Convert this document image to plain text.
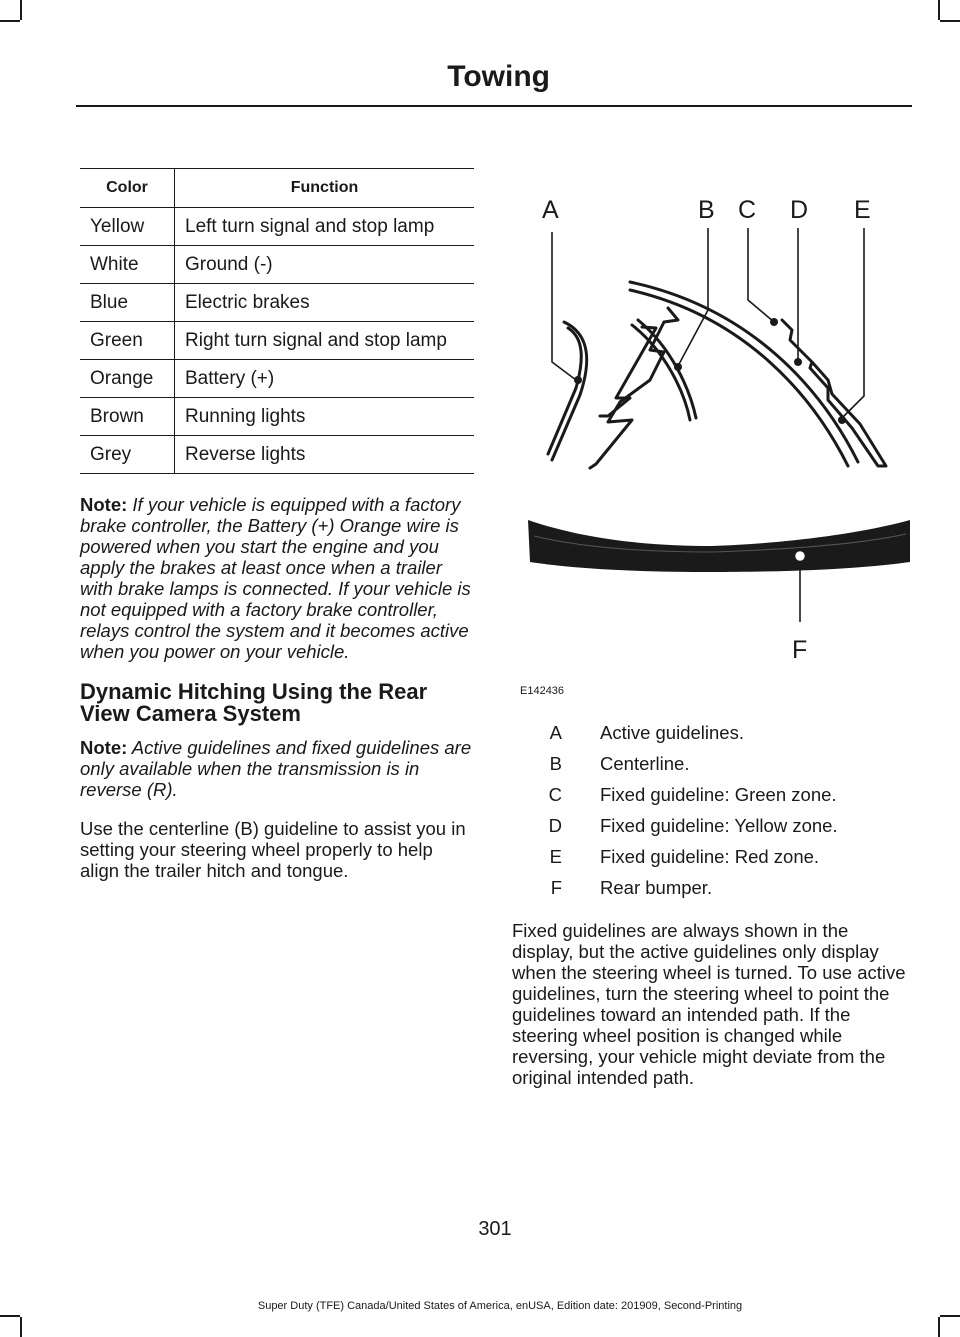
Towing
Color	Function
Yellow	Left turn signal and stop lamp
White	Ground (-)
Blue	Electric brakes
Green	Right turn signal and stop lamp
Orange	Battery (+)
Brown	Running lights
Grey	Reverse lights

Note: If your vehicle is equipped with a factory brake controller, the Battery (+) Orange wire is powered when you start the engine and you apply the brakes at least once when a trailer with brake lamps is connected. If your vehicle is not equipped with a factory brake controller, relays control the system and it becomes active when you power on your vehicle.

Dynamic Hitching Using the Rear View Camera System

Note: Active guidelines and fixed guidelines are only available when the transmission is in reverse (R).

Use the centerline (B) guideline to assist you in setting your steering wheel properly to help align the trailer hitch and tongue.

A	B C D E
F
E142436
A Active guidelines.
B Centerline.
C Fixed guideline: Green zone.
D Fixed guideline: Yellow zone.
E Fixed guideline: Red zone.
F Rear bumper.

Fixed guidelines are always shown in the display, but the active guidelines only display when the steering wheel is turned. To use active guidelines, turn the steering wheel to point the guidelines toward an intended path. If the steering wheel position is changed while reversing, your vehicle might deviate from the original intended path.

301
Super Duty (TFE) Canada/United States of America, enUSA, Edition date: 201909, Second-Printing
